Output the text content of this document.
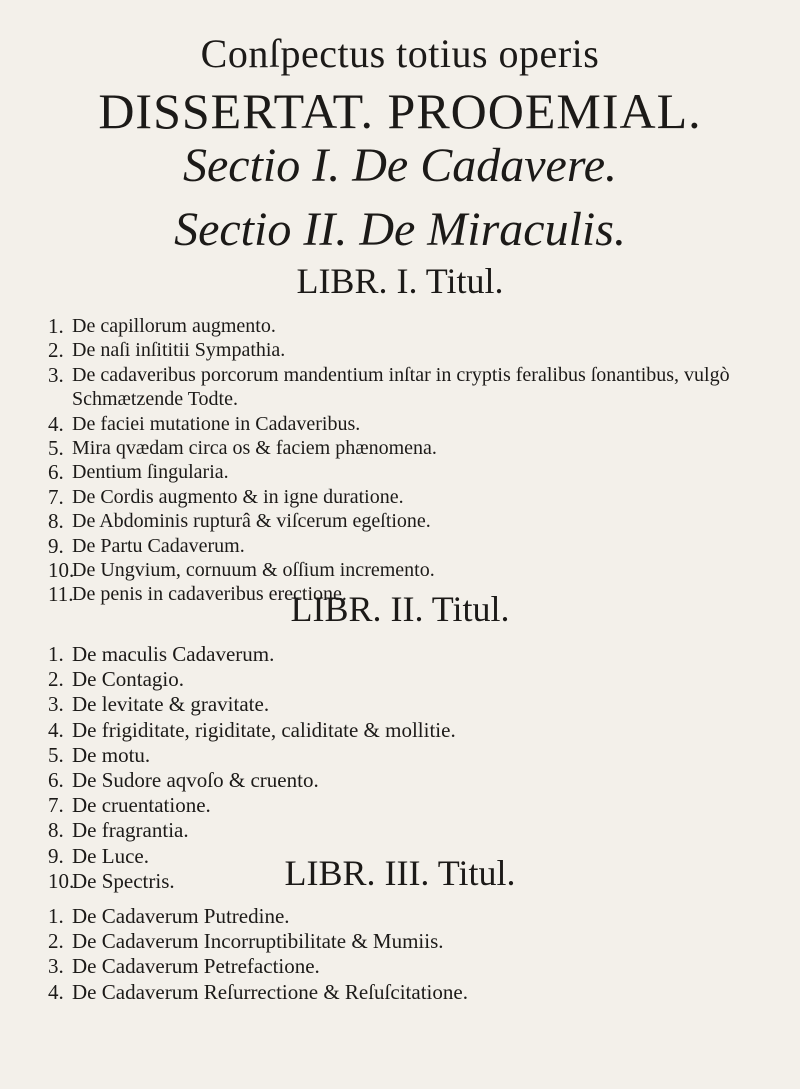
Conſpectus totius operis
DISSERTAT. PROOEMIAL.
Sectio I. De Cadavere.
Sectio II. De Miraculis.
LIBR. I. Titul.
1. De capillorum augmento.
2. De naſi inſititii Sympathia.
3. De cadaveribus porcorum mandentium inſtar in cryptis feralibus ſonantibus, vulgò Schmætzende Todte.
4. De faciei mutatione in Cadaveribus.
5. Mira qvædam circa os & faciem phænomena.
6. Dentium ſingularia.
7. De Cordis augmento & in igne duratione.
8. De Abdominis rupturâ & viſcerum egeſtione.
9. De Partu Cadaverum.
10.
De Ungvium, cornuum & oſſium incremento.
11.
De penis in cadaveribus erectione.
LIBR. II. Titul.
1. De maculis Cadaverum.
2. De Contagio.
3. De levitate & gravitate.
4. De frigiditate, rigiditate, caliditate & mollitie.
5. De motu.
6. De Sudore aqvoſo & cruento.
7. De cruentatione.
8. De fragrantia.
9. De Luce.
10.
De Spectris.	LIBR. III. Titul.
1. De Cadaverum Putredine.
2. De Cadaverum Incorruptibilitate & Mumiis.
3. De Cadaverum Petrefactione.
4. De Cadaverum Reſurrectione & Reſuſcitatione.
